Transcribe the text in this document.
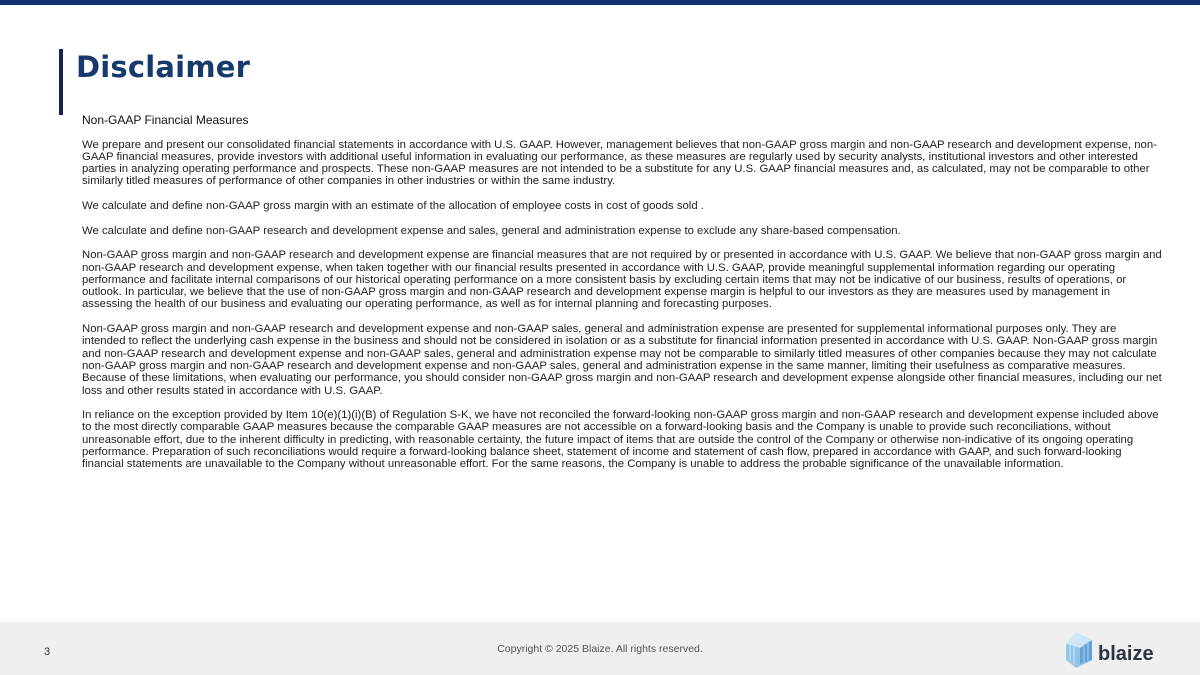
Disclaimer
Non-GAAP Financial Measures

We prepare and present our consolidated financial statements in accordance with U.S. GAAP. However, management believes that non-GAAP gross margin and non-GAAP research and development expense, non-GAAP financial measures, provide investors with additional useful information in evaluating our performance, as these measures are regularly used by security analysts, institutional investors and other interested parties in analyzing operating performance and prospects. These non-GAAP measures are not intended to be a substitute for any U.S. GAAP financial measures and, as calculated, may not be comparable to other similarly titled measures of performance of other companies in other industries or within the same industry.

We calculate and define non-GAAP gross margin with an estimate of the allocation of employee costs in cost of goods sold .

We calculate and define non-GAAP research and development expense and sales, general and administration expense to exclude any share-based compensation.

Non-GAAP gross margin and non-GAAP research and development expense are financial measures that are not required by or presented in accordance with U.S. GAAP. We believe that non-GAAP gross margin and non-GAAP research and development expense, when taken together with our financial results presented in accordance with U.S. GAAP, provide meaningful supplemental information regarding our operating performance and facilitate internal comparisons of our historical operating performance on a more consistent basis by excluding certain items that may not be indicative of our business, results of operations, or outlook. In particular, we believe that the use of non-GAAP gross margin and non-GAAP research and development expense margin is helpful to our investors as they are measures used by management in assessing the health of our business and evaluating our operating performance, as well as for internal planning and forecasting purposes.

Non-GAAP gross margin and non-GAAP research and development expense and non-GAAP sales, general and administration expense are presented for supplemental informational purposes only. They are intended to reflect the underlying cash expense in the business and should not be considered in isolation or as a substitute for financial information presented in accordance with U.S. GAAP. Non-GAAP gross margin and non-GAAP research and development expense and non-GAAP sales, general and administration expense may not be comparable to similarly titled measures of other companies because they may not calculate non-GAAP gross margin and non-GAAP research and development expense and non-GAAP sales, general and administration expense in the same manner, limiting their usefulness as comparative measures. Because of these limitations, when evaluating our performance, you should consider non-GAAP gross margin and non-GAAP research and development expense alongside other financial measures, including our net loss and other results stated in accordance with U.S. GAAP.

In reliance on the exception provided by Item 10(e)(1)(i)(B) of Regulation S-K, we have not reconciled the forward-looking non-GAAP gross margin and non-GAAP research and development expense included above to the most directly comparable GAAP measures because the comparable GAAP measures are not accessible on a forward-looking basis and the Company is unable to provide such reconciliations, without unreasonable effort, due to the inherent difficulty in predicting, with reasonable certainty, the future impact of items that are outside the control of the Company or otherwise non-indicative of its ongoing operating performance. Preparation of such reconciliations would require a forward-looking balance sheet, statement of income and statement of cash flow, prepared in accordance with GAAP, and such forward-looking financial statements are unavailable to the Company without unreasonable effort. For the same reasons, the Company is unable to address the probable significance of the unavailable information.

3	Copyright © 2025 Blaize. All rights reserved.	blaize
